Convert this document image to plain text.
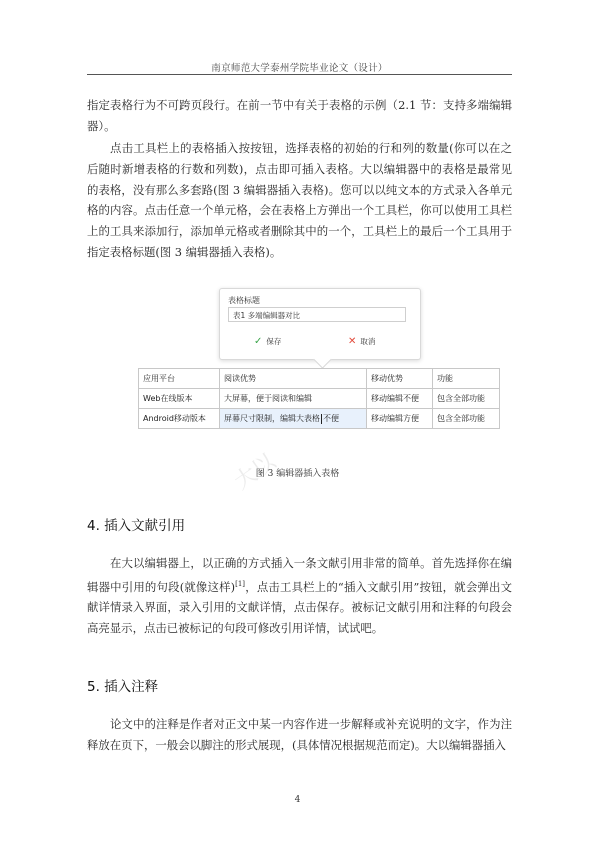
南京师范大学泰州学院毕业论文（设计）
指定表格行为不可跨页段行。在前一节中有关于表格的示例（2.1 节：支持多端编辑器）。
点击工具栏上的表格插入按按钮，选择表格的初始的行和列的数量(你可以在之后随时新增表格的行数和列数)，点击即可插入表格。大以编辑器中的表格是最常见的表格，没有那么多套路(图 3 编辑器插入表格)。您可以以纯文本的方式录入各单元格的内容。点击任意一个单元格，会在表格上方弹出一个工具栏，你可以使用工具栏上的工具来添加行，添加单元格或者删除其中的一个，工具栏上的最后一个工具用于指定表格标题(图 3 编辑器插入表格)。
表格标题
表1 多端编辑器对比
✓ 保存	✕ 取消
应用平台	阅读优势	移动优势	功能
Web在线版本	大屏幕，便于阅读和编辑	移动编辑不便	包含全部功能
Android移动版本	屏幕尺寸限制，编辑大表格 不便	移动编辑方便	包含全部功能
大以
图 3 编辑器插入表格
4. 插入文献引用
在大以编辑器上，以正确的方式插入一条文献引用非常的简单。首先选择你在编辑器中引用的句段(就像这样)[1]，点击工具栏上的“插入文献引用”按钮，就会弹出文献详情录入界面，录入引用的文献详情，点击保存。被标记文献引用和注释的句段会高亮显示，点击已被标记的句段可修改引用详情，试试吧。
5. 插入注释
论文中的注释是作者对正文中某一内容作进一步解释或补充说明的文字，作为注释放在页下，一般会以脚注的形式展现，(具体情况根据规范而定)。大以编辑器插入
4
